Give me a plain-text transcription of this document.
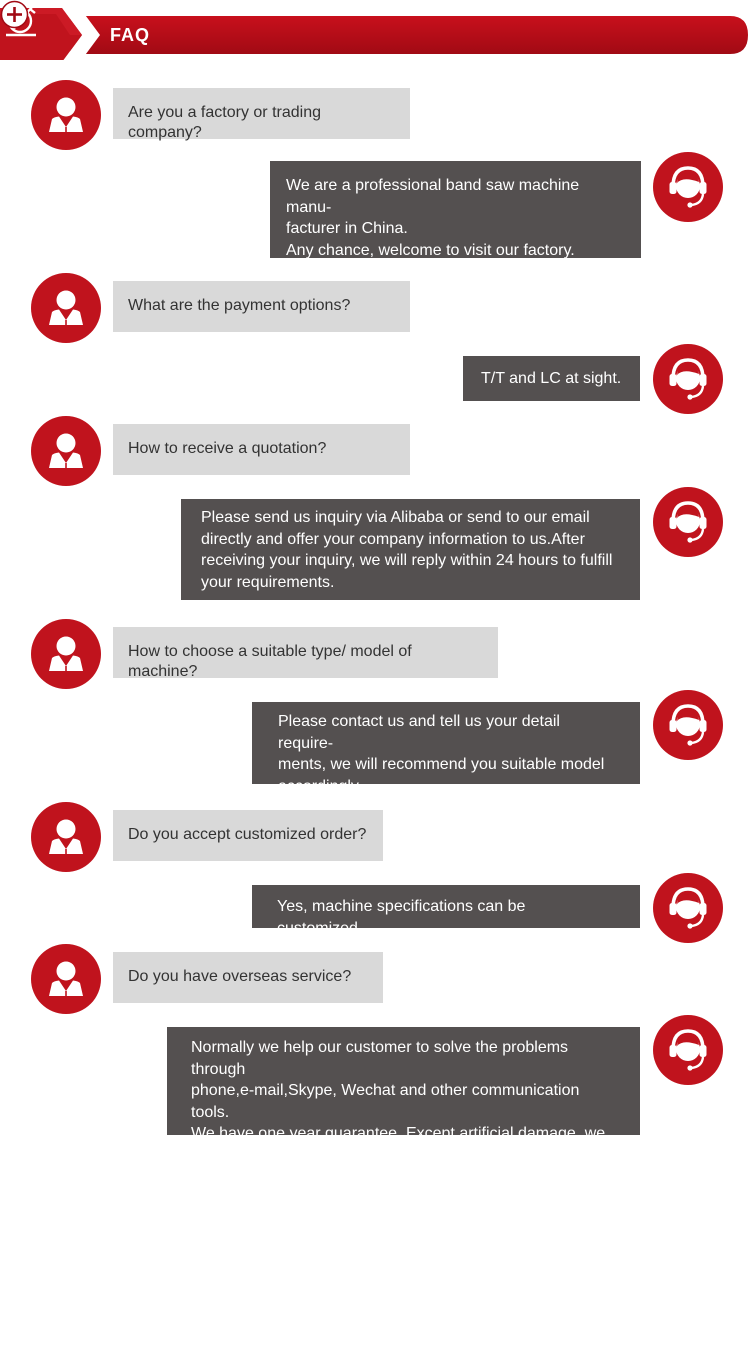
FAQ
Are you a factory or trading company?

We are a professional band saw machine manu-

facturer in China.

Any chance, welcome to visit our factory.

What are the payment options?

T/T and LC at sight.

How to receive a quotation?

Please send us inquiry via Alibaba or send to our email

directly and offer your company information to us.After

receiving your inquiry, we will reply within 24 hours to fulfill

your requirements.

How to choose a suitable type/ model of machine?

Please contact us and tell us your detail require-

ments, we will recommend you suitable model

accordingly.

Do you accept customized order?

Yes, machine specifications can be customized.

Do you have overseas service?

Normally we help our customer to solve the problems through

phone,e-mail,Skype, Wechat and other communication tools.

We have one year guarantee .Except artificial damage, we

offer free parts within guarantee period.
